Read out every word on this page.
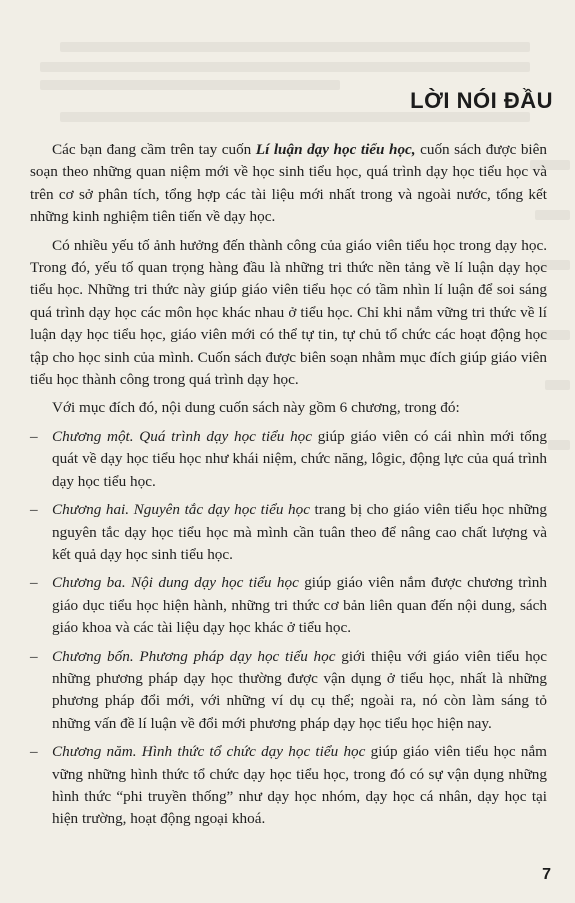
LỜI NÓI ĐẦU

Các bạn đang cầm trên tay cuốn Lí luận dạy học tiểu học, cuốn sách được biên soạn theo những quan niệm mới về học sinh tiểu học, quá trình dạy học tiểu học và trên cơ sở phân tích, tổng hợp các tài liệu mới nhất trong và ngoài nước, tổng kết những kinh nghiệm tiên tiến về dạy học.

Có nhiều yếu tố ảnh hưởng đến thành công của giáo viên tiểu học trong dạy học. Trong đó, yếu tố quan trọng hàng đầu là những tri thức nền tảng về lí luận dạy học tiểu học. Những tri thức này giúp giáo viên tiểu học có tầm nhìn lí luận để soi sáng quá trình dạy học các môn học khác nhau ở tiểu học. Chỉ khi nắm vững tri thức về lí luận dạy học tiểu học, giáo viên mới có thể tự tin, tự chủ tổ chức các hoạt động học tập cho học sinh của mình. Cuốn sách được biên soạn nhằm mục đích giúp giáo viên tiểu học thành công trong quá trình dạy học.

Với mục đích đó, nội dung cuốn sách này gồm 6 chương, trong đó:

– Chương một. Quá trình dạy học tiểu học giúp giáo viên có cái nhìn mới tổng quát về dạy học tiểu học như khái niệm, chức năng, lôgic, động lực của quá trình dạy học tiểu học.
– Chương hai. Nguyên tắc dạy học tiểu học trang bị cho giáo viên tiểu học những nguyên tắc dạy học tiểu học mà mình cần tuân theo để nâng cao chất lượng và kết quả dạy học sinh tiểu học.
– Chương ba. Nội dung dạy học tiểu học giúp giáo viên nắm được chương trình giáo dục tiểu học hiện hành, những tri thức cơ bản liên quan đến nội dung, sách giáo khoa và các tài liệu dạy học khác ở tiểu học.
– Chương bốn. Phương pháp dạy học tiểu học giới thiệu với giáo viên tiểu học những phương pháp dạy học thường được vận dụng ở tiểu học, nhất là những phương pháp đổi mới, với những ví dụ cụ thể; ngoài ra, nó còn làm sáng tỏ những vấn đề lí luận về đổi mới phương pháp dạy học tiểu học hiện nay.
– Chương năm. Hình thức tổ chức dạy học tiểu học giúp giáo viên tiểu học nắm vững những hình thức tổ chức dạy học tiểu học, trong đó có sự vận dụng những hình thức “phi truyền thống” như dạy học nhóm, dạy học cá nhân, dạy học tại hiện trường, hoạt động ngoại khoá.
7
